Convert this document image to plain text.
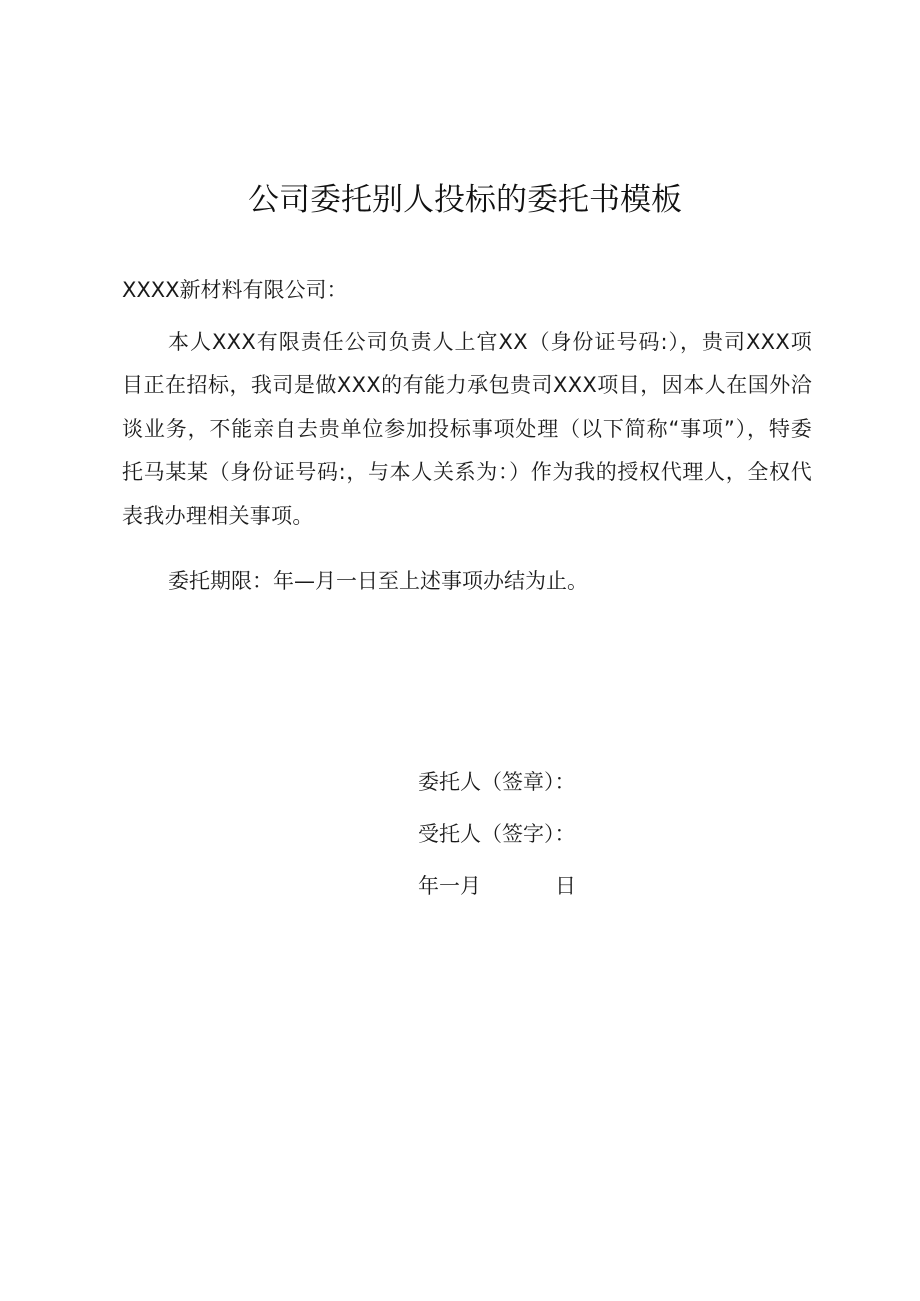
公司委托别人投标的委托书模板
XXXX新材料有限公司：
本人XXX有限责任公司负责人上官XX（身份证号码:），贵司XXX项目正在招标，我司是做XXX的有能力承包贵司XXX项目，因本人在国外洽谈业务，不能亲自去贵单位参加投标事项处理（以下简称“事项”），特委托马某某（身份证号码:，与本人关系为：）作为我的授权代理人，全权代表我办理相关事项。
委托期限：年—月一日至上述事项办结为止。
委托人（签章）：
受托人（签字）：
年一月	日
